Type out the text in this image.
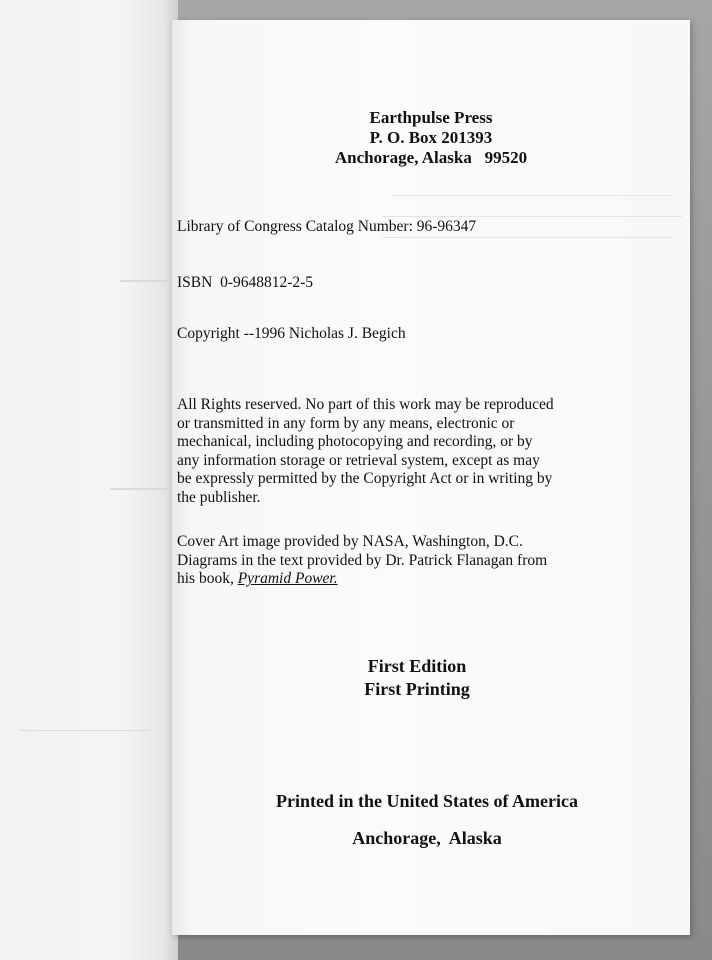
Earthpulse Press
P. O. Box 201393
Anchorage, Alaska   99520
Library of Congress Catalog Number: 96-96347
ISBN  0-9648812-2-5
Copyright --1996 Nicholas J. Begich
All Rights reserved. No part of this work may be reproduced
or transmitted in any form by any means, electronic or
mechanical, including photocopying and recording, or by
any information storage or retrieval system, except as may
be expressly permitted by the Copyright Act or in writing by
the publisher.
Cover Art image provided by NASA, Washington, D.C.
Diagrams in the text provided by Dr. Patrick Flanagan from
his book, Pyramid Power.
First Edition
First Printing
Printed in the United States of America
Anchorage,  Alaska
